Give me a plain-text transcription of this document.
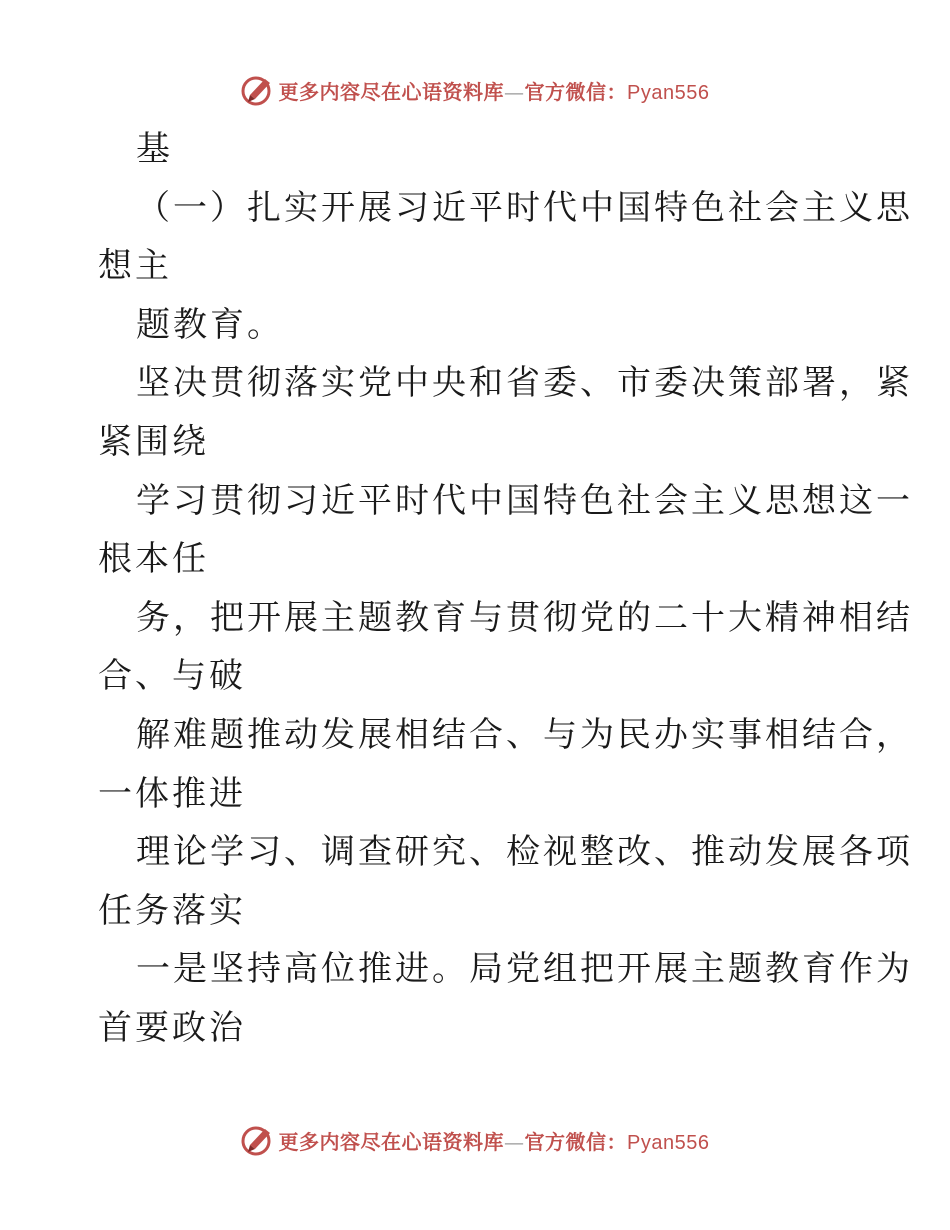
更多内容尽在心语资料库—官方微信：Pyan556
基
（一）扎实开展习近平时代中国特色社会主义思
想主
题教育。
坚决贯彻落实党中央和省委、市委决策部署，紧
紧围绕
学习贯彻习近平时代中国特色社会主义思想这一
根本任
务，把开展主题教育与贯彻党的二十大精神相结
合、与破
解难题推动发展相结合、与为民办实事相结合，
一体推进
理论学习、调查研究、检视整改、推动发展各项
任务落实
一是坚持高位推进。局党组把开展主题教育作为
首要政治
更多内容尽在心语资料库—官方微信：Pyan556
